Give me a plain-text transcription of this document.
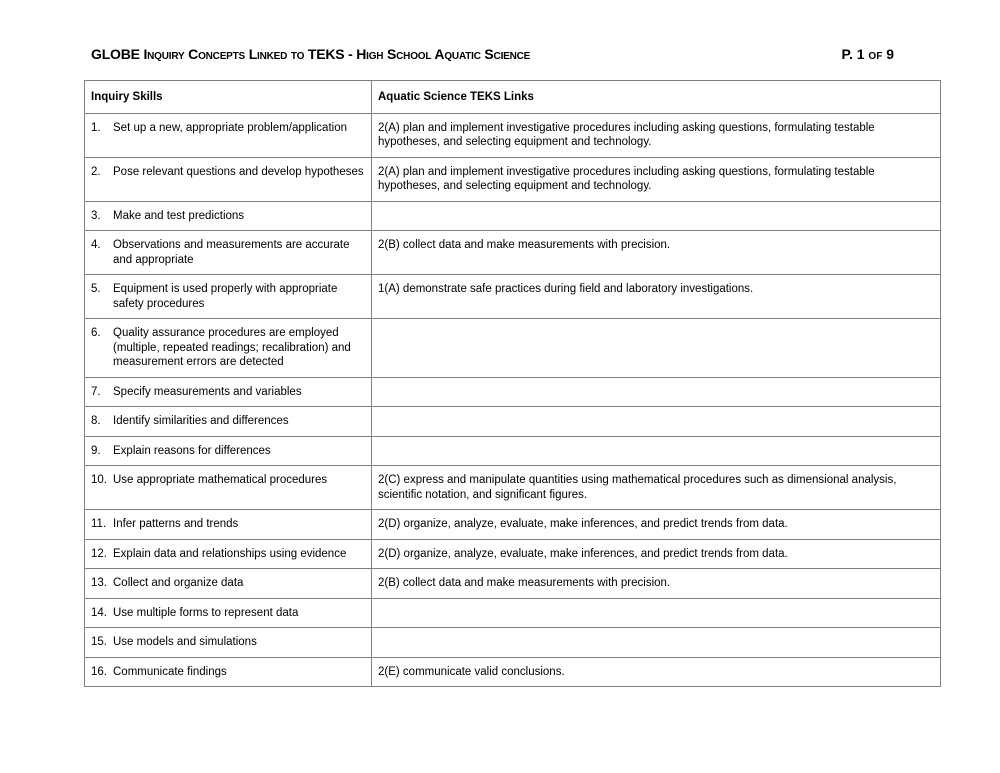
GLOBE Inquiry Concepts Linked to TEKS - High School Aquatic Science	P. 1 of 9
Inquiry Skills	Aquatic Science TEKS Links

1. Set up a new, appropriate problem/application	2(A) plan and implement investigative procedures including asking questions, formulating testable hypotheses, and selecting equipment and technology.

2. Pose relevant questions and develop hypotheses	2(A) plan and implement investigative procedures including asking questions, formulating testable hypotheses, and selecting equipment and technology.

3. Make and test predictions	

4. Observations and measurements are accurate and appropriate	2(B) collect data and make measurements with precision.

5. Equipment is used properly with appropriate safety procedures	1(A) demonstrate safe practices during field and laboratory investigations.

6. Quality assurance procedures are employed (multiple, repeated readings; recalibration) and measurement errors are detected	

7. Specify measurements and variables	

8. Identify similarities and differences	

9. Explain reasons for differences	

10. Use appropriate mathematical procedures	2(C) express and manipulate quantities using mathematical procedures such as dimensional analysis, scientific notation, and significant figures.

11. Infer patterns and trends	2(D) organize, analyze, evaluate, make inferences, and predict trends from data.

12. Explain data and relationships using evidence	2(D) organize, analyze, evaluate, make inferences, and predict trends from data.

13. Collect and organize data	2(B) collect data and make measurements with precision.

14. Use multiple forms to represent data	

15. Use models and simulations	

16. Communicate findings	2(E) communicate valid conclusions.
